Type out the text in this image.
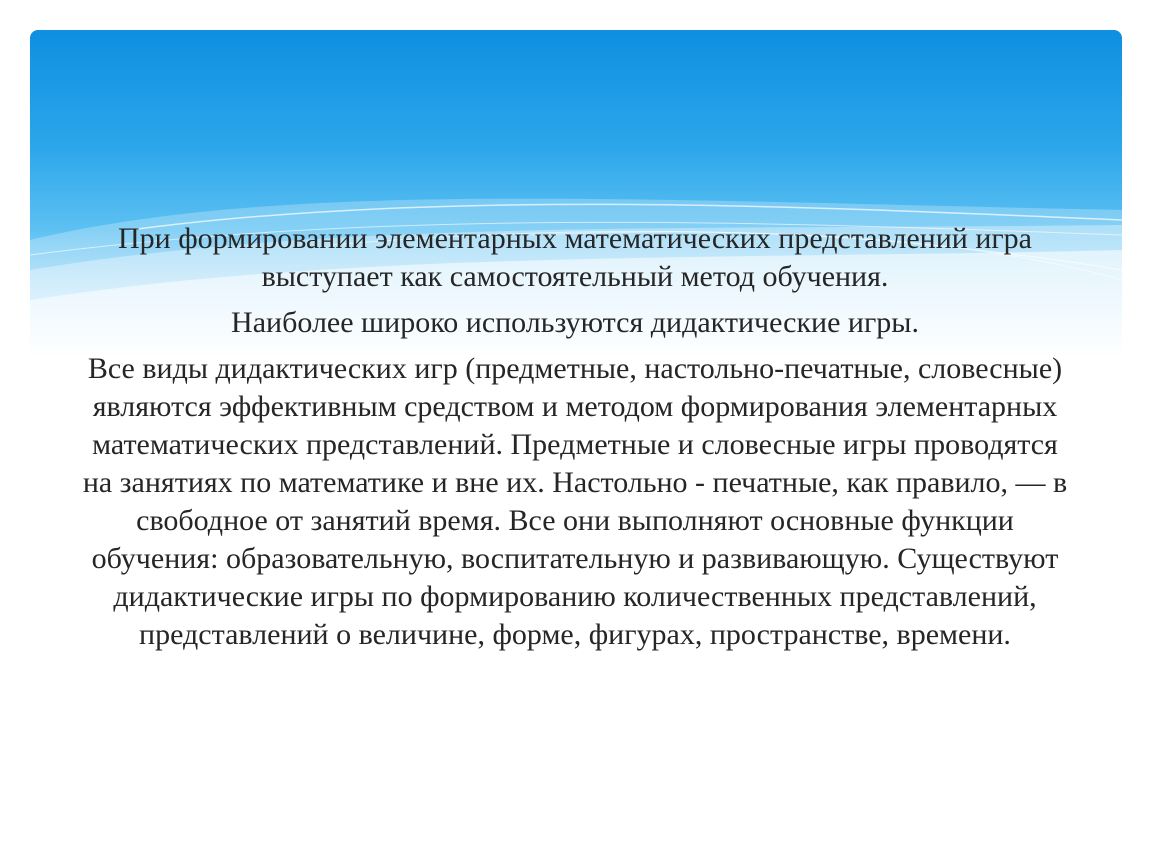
При формировании элементарных математических представлений игра выступает как самостоятельный метод обучения.

Наиболее широко используются дидактические игры.

Все виды дидактических игр (предметные, настольно-печатные, словесные) являются эффективным средством и методом формирования элементарных математических представлений. Предметные и словесные игры проводятся на занятиях по математике и вне их. Настольно - печатные, как правило, — в свободное от занятий время. Все они выполняют основные функции обучения: образовательную, воспитательную и развивающую. Существуют дидактические игры по формированию количественных представлений, представлений о величине, форме, фигурах, пространстве, времени.
